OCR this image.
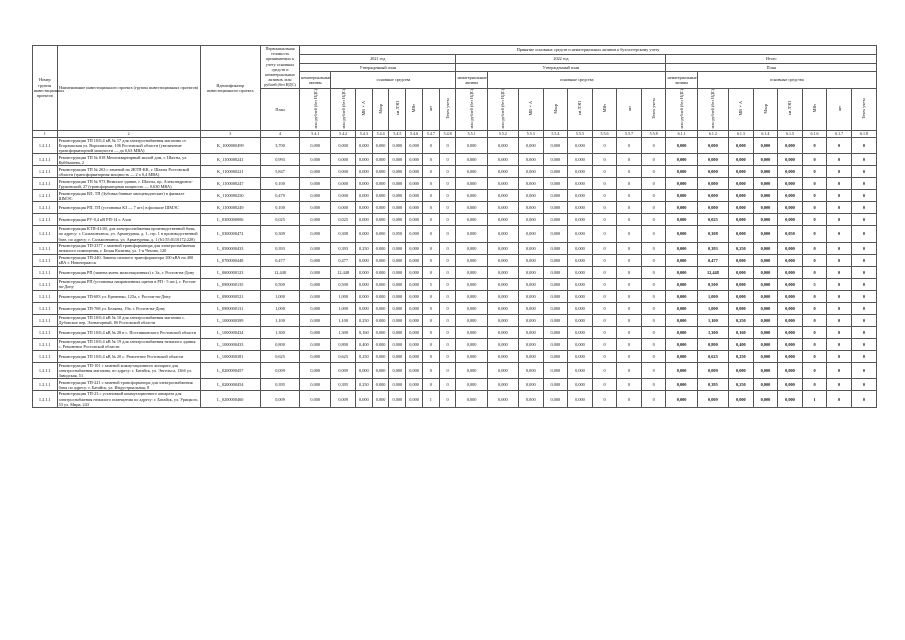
Номер группы инвестиционных проектов	Наименование инвестиционного проекта (группы инвестиционных проектов)	Идентификатор инвестиционного проекта	Первоначальная стоимость принимаемых к учету основных средств и нематериальных активов, млн рублей (без НДС)	Принятие основных средств и нематериальных активов к бухгалтерскому учету																							
				2021 год								2022 год								Итого							
				Утвержденный план								Утвержденный план								План							
				нематериальные активы	основные средства							нематериальные активы	основные средства							нематериальные активы	основные средства						
			План	млн рублей (без НДС)	млн рублей (без НДС)	МВ×А	Мвар	км ЛЭП	МВт	шт	Точек учета	млн рублей (без НДС)	млн рублей (без НДС)	МВ×А	Мвар	км ЛЭП	МВт	шт	Точек учета	млн рублей (без НДС)	млн рублей (без НДС)	МВ×А	Мвар	км ЛЭП	МВт	шт	Точек учета
1	2	3	4	5.4.1	5.4.2	5.4.3	5.4.4	5.4.5	5.4.6	5.4.7	5.4.8	5.5.1	5.5.2	5.5.3	5.5.4	5.5.5	5.5.6	5.5.7	5.5.8	6.1.1	6.1.2	6.1.3	6.1.4	6.1.5	6.1.6	6.1.7	6.1.8
1.2.1.1	Реконструкция ТП 10/0,4 кВ № 17 для электроснабжения магазина ст. Егорлыкская ул. Ворошилова, 106 Ростовской области (увеличение трансформаторной мощности — до 0,63 МВА)	K_1000000499	3,700	0,000	0,000	0,000	0,000	0,000	0,000	0	0	0,000	0,000	0,000	0,000	0,000	0	0	0	0,000	0,000	0,000	0,000	0,000	0	0	0
1.2.1.1	Реконструкция ТП № 818 Многоквартирный жилой дом, г. Шахты, ул. Куйбышева, 2	K_1100000241	0,993	0,000	0,000	0,000	0,000	0,000	0,000	0	0	0,000	0,000	0,000	0,000	0,000	0	0	0	0,000	0,000	0,000	0,000	0,000	0	0	0
1.2.1.1	Реконструкция ТП № 263 с заменой на 2КТП-КК, г. Шахты Ростовской области (трансформаторная мощность — 2 х 0,4 МВА)	K_1100000221	5,847	0,000	0,000	0,000	0,000	0,000	0,000	0	0	0,000	0,000	0,000	0,000	0,000	0	0	0	0,000	0,000	0,000	0,000	0,000	0	0	0
1.2.1.1	Реконструкция ТП № 973 Нежилое здание, г. Шахты, пр. Александровск-Грушевский, 27 (трансформаторная мощность — 0,630 МВА)	K_1100000247	0,100	0,000	0,000	0,000	0,000	0,000	0,000	0	0	0,000	0,000	0,000	0,000	0,000	0	0	0	0,000	0,000	0,000	0,000	0,000	0	0	0
1.2.1.1	Реконструкция ВЛ, ТП (Зубовка банные овощеводческие) в филиале ШМЭС	K_1100000250	0,479	0,000	0,000	0,000	0,000	0,000	0,000	0	0	0,000	0,000	0,000	0,000	0,000	0	0	0	0,000	0,000	0,000	0,000	0,000	0	0	0
1.2.1.1	Реконструкция РП, ТП (установка КЗ — 7 шт.) в филиале ШМЭС	K_1100000249	0,100	0,000	0,000	0,000	0,000	0,000	0,000	0	0	0,000	0,000	0,000	0,000	0,000	0	0	0	0,000	0,000	0,000	0,000	0,000	0	0	0
1.2.1.1	Реконструкция РУ-0,4 кВ РП-14 г. Азов	L_0300000006	0,025	0,000	0,025	0,000	0,000	0,000	0,000	0	0	0,000	0,000	0,000	0,000	0,000	0	0	0	0,000	0,025	0,000	0,000	0,000	0	0	0
1.2.1.1	Реконструкция КТП-41/40, для электроснабжения производственной базы, по адресу: г. Сальмончанск, ул. Арматурная, д. 1, стр. 1 в производственной базе, по адресу: г. Сальмончанск, ул. Арматурная, д. 1 (61:55:0110172:228)	L_0300000472	0,309	0,000	0,308	0,000	0,000	0,050	0,000	0	0	0,000	0,000	0,000	0,000	0,000	0	0	0	0,000	0,308	0,000	0,000	0,050	0	0	0
1.2.1.1	Реконструкция ТП-2377 с заменой трансформатора для электроснабжения нежилого помещения, г. Белая Калитва, ул. 1-я Чехова, 120	L_0500000433	0,393	0,000	0,393	0,250	0,000	0,000	0,000	0	0	0,000	0,000	0,000	0,000	0,000	0	0	0	0,000	0,393	0,250	0,000	0,000	0	0	0
1.2.1.1	Реконструкция ТП-240. Замена силового трансформатора 100 кВА на 400 кВА г. Новочеркасск	L_0700000448	0,477	0,000	0,477	0,000	0,000	0,000	0,000	0	0	0,000	0,000	0,000	0,000	0,000	0	0	0	0,000	0,477	0,000	0,000	0,000	0	0	0
1.2.1.1	Реконструкция РП (замена ячеек межсекционных) г. Зх, г. Ростов-на-Дону	L_0600000123	12,448	0,000	12,448	0,000	0,000	0,000	0,000	0	0	0,000	0,000	0,000	0,000	0,000	0	0	0	0,000	12,448	0,000	0,000	0,000	0	0	0
1.2.1.1	Реконструкция РП (установка направленных щитов в РП - 5 шт.), г. Ростов-на-Дону	L_0900000135	0,500	0,000	0,500	0,000	0,000	0,000	0,000	5	0	0,000	0,000	0,000	0,000	0,000	0	0	0	0,000	0,500	0,000	0,000	0,000	5	0	0
1.2.1.1	Реконструкция ТП-683 ул. Еременко, 125а, г. Ростов-на-Дону	L_0900000521	1,000	0,000	1,000	0,000	0,000	0,000	0,000	0	0	0,000	0,000	0,000	0,000	0,000	0	0	0	0,000	1,000	0,000	0,000	0,000	0	0	0
1.2.1.1	Реконструкция ТП-768 ул. Беляева, 19а, г. Ростов-на-Дону	L_0900000131	1,000	0,000	1,000	0,000	0,000	0,000	0,000	0	0	0,000	0,000	0,000	0,000	0,000	0	0	0	0,000	1,000	0,000	0,000	0,000	0	0	0
1.2.1.1	Реконструкция ТП 10/0,4 кВ № 10 для электроснабжения магазина с. Дубовское пер. Элеваторный, 8б Ростовской области	L_1000000399	1,100	0,000	1,100	0,250	0,000	0,000	0,000	0	0	0,000	0,000	0,000	0,000	0,000	0	0	0	0,000	1,100	0,250	0,000	0,000	0	0	0
1.2.1.1	Реконструкция ТП 10/0,4 кВ № 28 в с. Постниковского Ростовской области	L_1000000434	1,300	0,000	1,300	0,160	0,000	0,000	0,000	0	0	0,000	0,000	0,000	0,000	0,000	0	0	0	0,000	1,300	0,160	0,000	0,000	0	0	0
1.2.1.1	Реконструкция ТП 10/0,4 кВ № 19 для электроснабжения нежилого здания с. Ремонтное Ростовской области	L_1000000433	0,800	0,000	0,800	0,400	0,000	0,000	0,000	0	0	0,000	0,000	0,000	0,000	0,000	0	0	0	0,000	0,800	0,400	0,000	0,000	0	0	0
1.2.1.1	Реконструкция ТП 10/0,4 кВ № 20 с. Ремонтное Ростовской области	L_1000000381	0,625	0,000	0,625	0,250	0,000	0,000	0,000	0	0	0,000	0,000	0,000	0,000	0,000	0	0	0	0,000	0,625	0,250	0,000	0,000	0	0	0
1.2.1.1	Реконструкция ТП-101 с заменой коммутационного аппарата для электроснабжения магазина, по адресу: г. Батайск, ул. Энгельса, 136б ул. Заводская, 51	L_0200000457	0,009	0,000	0,009	0,000	0,000	0,000	0,000	0	0	0,000	0,000	0,000	0,000	0,000	0	0	0	0,000	0,009	0,000	0,000	0,000	0	0	0
1.2.1.1	Реконструкция ТП-221 с заменой трансформатора для электроснабжения базы по адресу: г. Батайск, ул. Индустриальная, 8	L_0200000454	0,395	0,000	0,395	0,250	0,000	0,000	0,000	0	0	0,000	0,000	0,000	0,000	0,000	0	0	0	0,000	0,395	0,250	0,000	0,000	0	0	0
1.2.1.1	Реконструкция ТП-23 с установкой коммутационного аппарата для электроснабжения нежилого помещения по адресу: г. Батайск, ул. Урицкого, 53 ул. Мира, 243	L_0200000460	0,009	0,000	0,009	0,000	0,000	0,000	0,000	1	0	0,000	0,000	0,000	0,000	0,000	0	0	0	0,000	0,009	0,000	0,000	0,000	1	0	0
